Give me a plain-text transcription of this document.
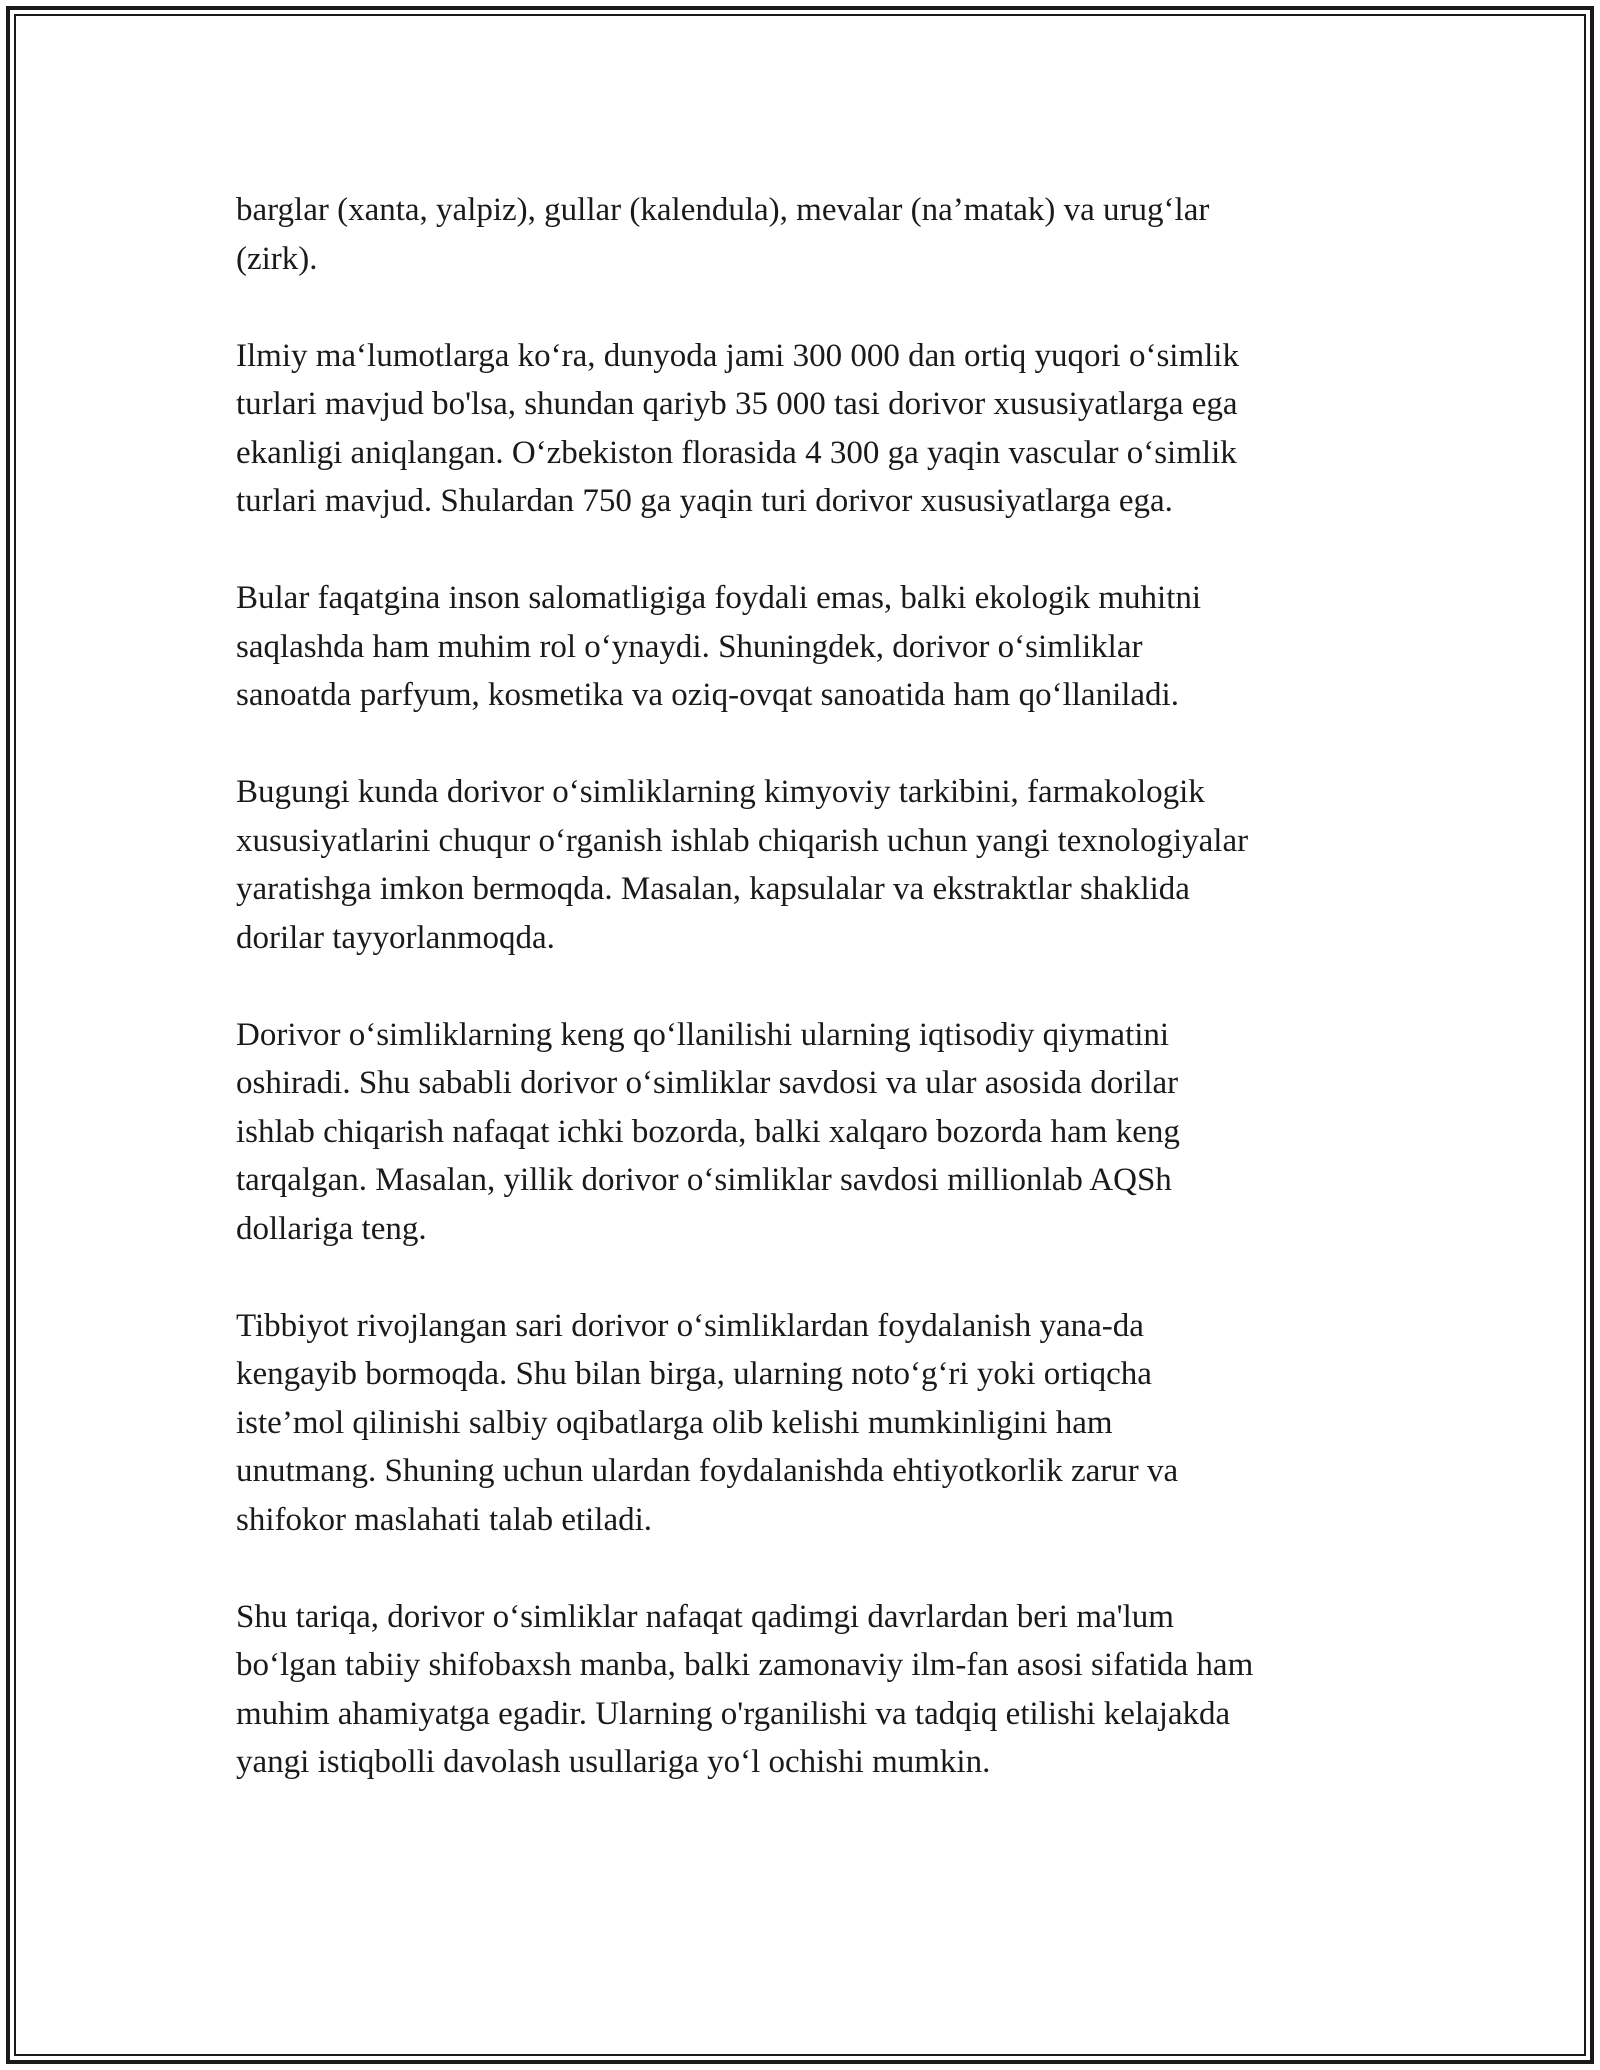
barglar (xanta, yalpiz), gullar (kalendula), mevalar (na’matak) va urug‘lar
(zirk).

Ilmiy ma‘lumotlarga ko‘ra, dunyoda jami 300 000 dan ortiq yuqori o‘simlik
turlari mavjud bo'lsa, shundan qariyb 35 000 tasi dorivor xususiyatlarga ega
ekanligi aniqlangan. O‘zbekiston florasida 4 300 ga yaqin vascular o‘simlik
turlari mavjud. Shulardan 750 ga yaqin turi dorivor xususiyatlarga ega.

Bular faqatgina inson salomatligiga foydali emas, balki ekologik muhitni
saqlashda ham muhim rol o‘ynaydi. Shuningdek, dorivor o‘simliklar
sanoatda parfyum, kosmetika va oziq-ovqat sanoatida ham qo‘llaniladi.

Bugungi kunda dorivor o‘simliklarning kimyoviy tarkibini, farmakologik
xususiyatlarini chuqur o‘rganish ishlab chiqarish uchun yangi texnologiyalar
yaratishga imkon bermoqda. Masalan, kapsulalar va ekstraktlar shaklida
dorilar tayyorlanmoqda.

Dorivor o‘simliklarning keng qo‘llanilishi ularning iqtisodiy qiymatini
oshiradi. Shu sababli dorivor o‘simliklar savdosi va ular asosida dorilar
ishlab chiqarish nafaqat ichki bozorda, balki xalqaro bozorda ham keng
tarqalgan. Masalan, yillik dorivor o‘simliklar savdosi millionlab AQSh
dollariga teng.

Tibbiyot rivojlangan sari dorivor o‘simliklardan foydalanish yana-da
kengayib bormoqda. Shu bilan birga, ularning noto‘g‘ri yoki ortiqcha
iste’mol qilinishi salbiy oqibatlarga olib kelishi mumkinligini ham
unutmang. Shuning uchun ulardan foydalanishda ehtiyotkorlik zarur va
shifokor maslahati talab etiladi.

Shu tariqa, dorivor o‘simliklar nafaqat qadimgi davrlardan beri ma'lum
bo‘lgan tabiiy shifobaxsh manba, balki zamonaviy ilm-fan asosi sifatida ham
muhim ahamiyatga egadir. Ularning o'rganilishi va tadqiq etilishi kelajakda
yangi istiqbolli davolash usullariga yo‘l ochishi mumkin.
